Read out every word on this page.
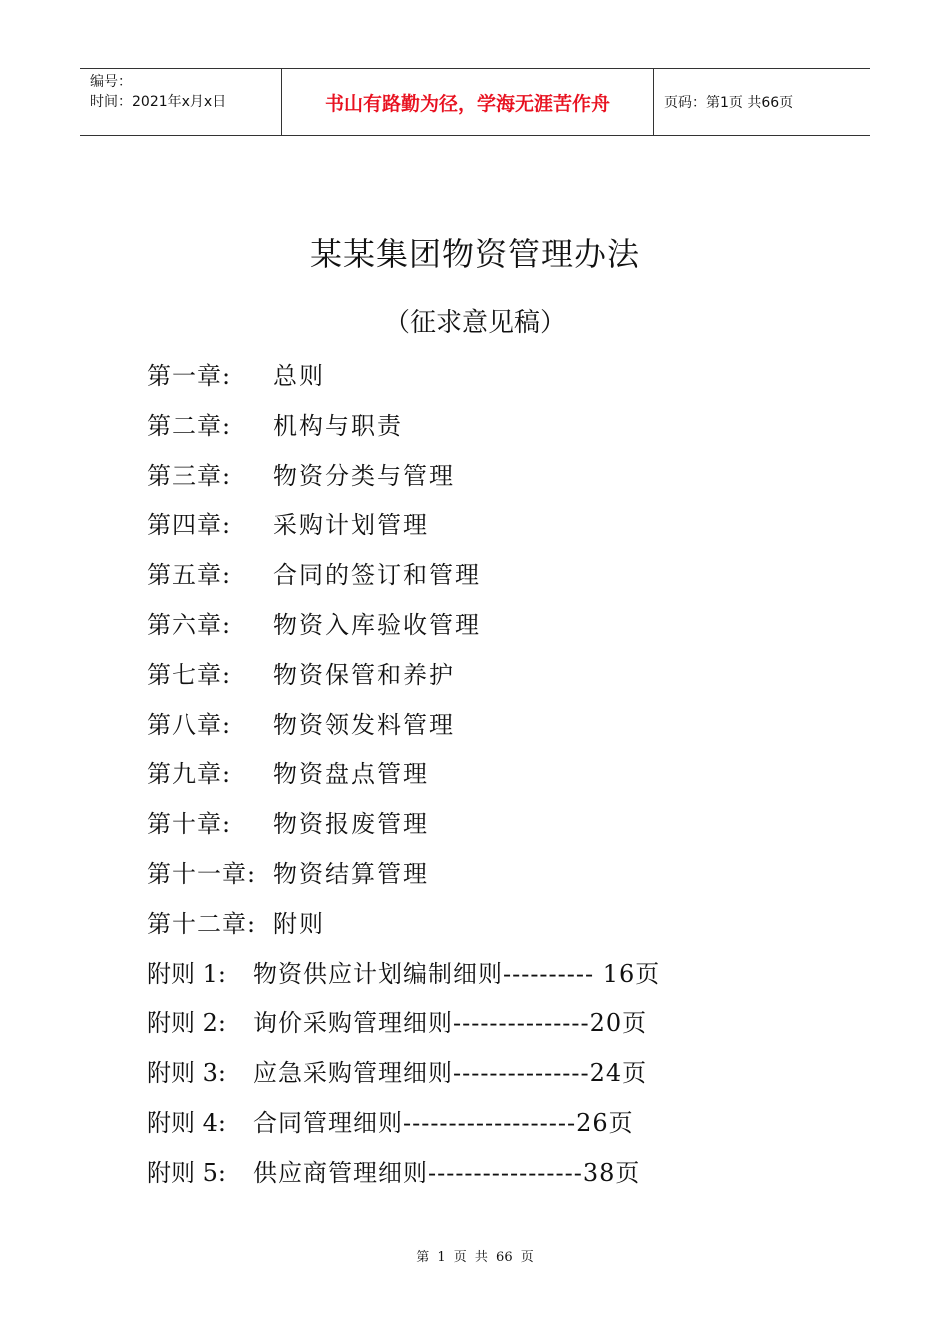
编号：
时间：2021年x月x日	书山有路勤为径，学海无涯苦作舟	页码：第1页 共66页
某某集团物资管理办法
（征求意见稿）
第一章: 总则
第二章: 机构与职责
第三章: 物资分类与管理
第四章: 采购计划管理
第五章: 合同的签订和管理
第六章: 物资入库验收管理
第七章: 物资保管和养护
第八章: 物资领发料管理
第九章: 物资盘点管理
第十章: 物资报废管理
第十一章: 物资结算管理
第十二章: 附则
附则 1: 物资供应计划编制细则---------- 16页
附则 2: 询价采购管理细则---------------20页
附则 3: 应急采购管理细则---------------24页
附则 4: 合同管理细则-------------------26页
附则 5: 供应商管理细则-----------------38页
第 1 页 共 66 页
